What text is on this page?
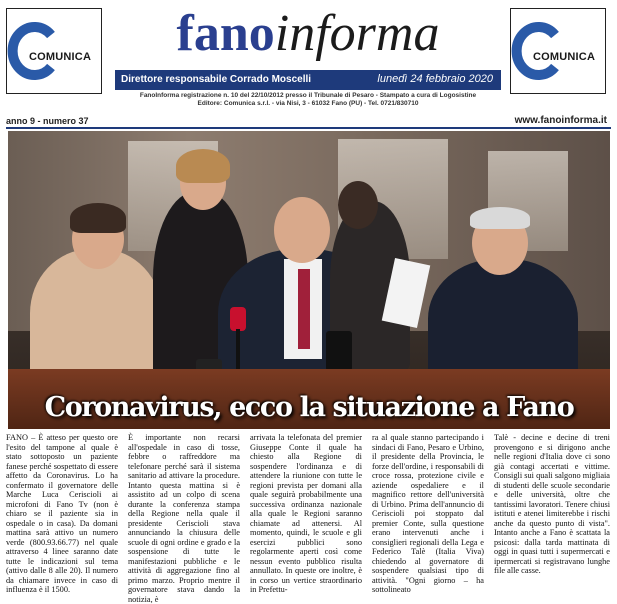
COMUNICA	COMUNICA
fanoinforma
Direttore responsabile Corrado Moscelli	lunedì 24 febbraio 2020
FanoInforma registrazione n. 10 del 22/10/2012 presso il Tribunale di Pesaro - Stampato a cura di Logosistine
Editore: Comunica s.r.l. - via Nisi, 3 - 61032 Fano (PU) - Tel. 0721/830710
anno 9 - numero 37	www.fanoinforma.it
Coronavirus, ecco la situazione a Fano
FANO – È atteso per questo ore l'esito del tampone al quale è stato sottoposto un paziente fanese perché sospettato di essere affetto da Coronavirus. Lo ha confermato il governatore delle Marche Luca Ceriscioli ai microfoni di Fano Tv (non è chiaro se il paziente sia in ospedale o in casa). Da domani mattina sarà attivo un numero verde (800.93.66.77) nel quale attraverso 4 linee saranno date tutte le indicazioni sul tema (attivo dalle 8 alle 20). Il numero da chiamare invece in caso di influenza è il 1500.
È importante non recarsi all'ospedale in caso di tosse, febbre o raffreddore ma telefonare perché sarà il sistema sanitario ad attivare la procedure. Intanto questa mattina si è assistito ad un colpo di scena durante la conferenza stampa della Regione nella quale il presidente Ceriscioli stava annunciando la chiusura delle scuole di ogni ordine e grado e la sospensione di tutte le manifestazioni pubbliche e le attività di aggregazione fino al primo marzo. Proprio mentre il governatore stava dando la notizia, è
arrivata la telefonata del premier Giuseppe Conte il quale ha chiesto alla Regione di sospendere l'ordinanza e di attendere la riunione con tutte le regioni prevista per domani alla quale seguirà probabilmente una successiva ordinanza nazionale alla quale le Regioni saranno chiamate ad attenersi. Al momento, quindi, le scuole e gli esercizi pubblici sono regolarmente aperti così come nessun evento pubblico risulta annullato. In queste ore inoltre, è in corso un vertice straordinario in Prefettu-
ra al quale stanno partecipando i sindaci di Fano, Pesaro e Urbino, il presidente della Provincia, le forze dell'ordine, i responsabili di croce rossa, protezione civile e aziende ospedaliere e il magnifico rettore dell'università di Urbino. Prima dell'annuncio di Ceriscioli poi stoppato dal premier Conte, sulla questione erano intervenuti anche i consiglieri regionali della Lega e Federico Talè (Italia Viva) chiedendo al governatore di sospendere qualsiasi tipo di attività. "Ogni giorno – ha sottolineato
Talè - decine e decine di treni provengono e si dirigono anche nelle regioni d'Italia dove ci sono già contagi accertati e vittime. Consigli sui quali salgono migliaia di studenti delle scuole secondarie e delle università, oltre che tantissimi lavoratori. Tenere chiusi istituti e atenei limiterebbe i rischi anche da questo punto di vista". Intanto anche a Fano è scattata la psicosi: dalla tarda mattinata di oggi in quasi tutti i supermercati e ipermercati si registravano lunghe file alle casse.
